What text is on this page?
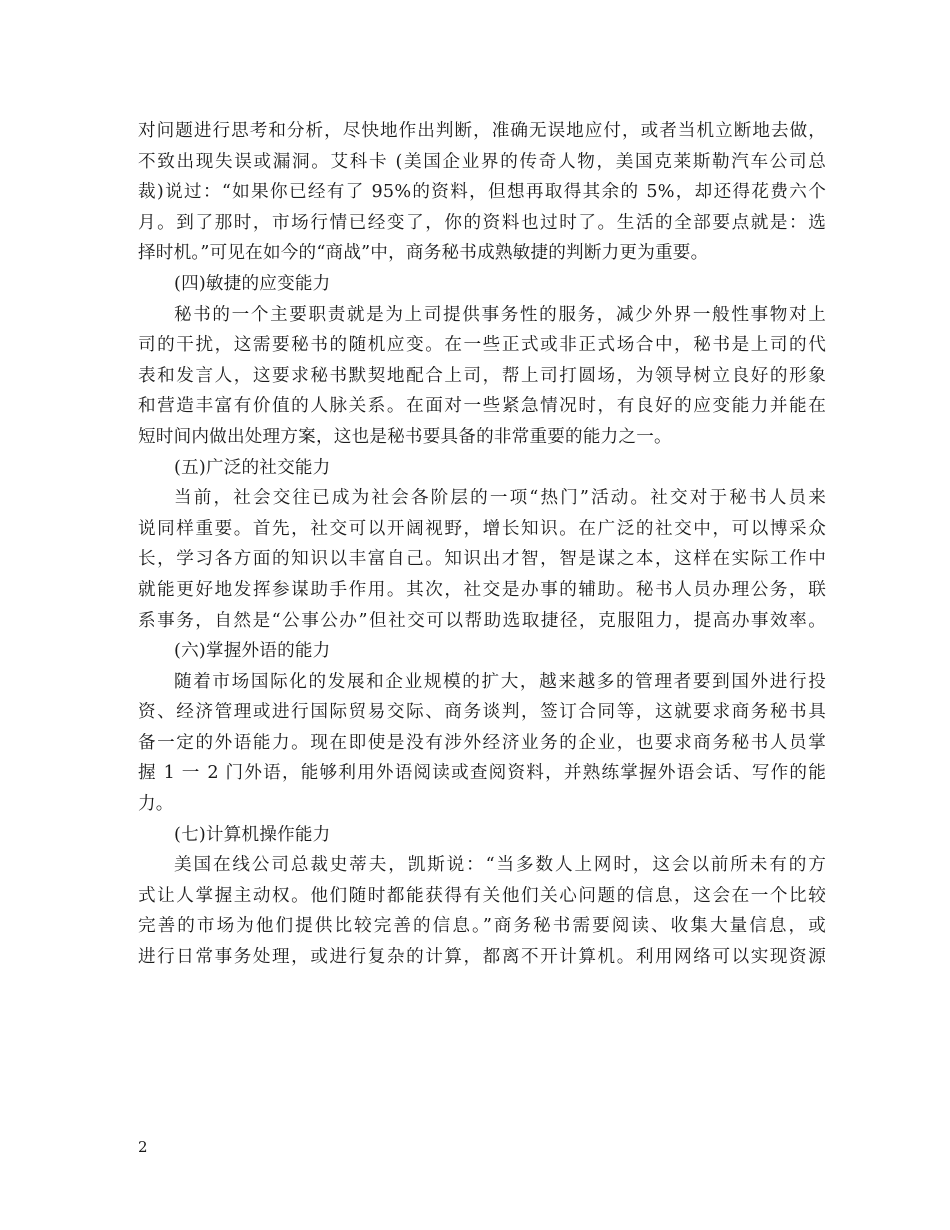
对问题进行思考和分析，尽快地作出判断，准确无误地应付，或者当机立断地去做，
不致出现失误或漏洞。艾科卡 (美国企业界的传奇人物，美国克莱斯勒汽车公司总
裁)说过：“如果你已经有了 95%的资料，但想再取得其余的 5%，却还得花费六个
月。到了那时，市场行情已经变了，你的资料也过时了。生活的全部要点就是：选
择时机。”可见在如今的“商战”中，商务秘书成熟敏捷的判断力更为重要。
(四)敏捷的应变能力
秘书的一个主要职责就是为上司提供事务性的服务，减少外界一般性事物对上
司的干扰，这需要秘书的随机应变。在一些正式或非正式场合中，秘书是上司的代
表和发言人，这要求秘书默契地配合上司，帮上司打圆场，为领导树立良好的形象
和营造丰富有价值的人脉关系。在面对一些紧急情况时，有良好的应变能力并能在
短时间内做出处理方案，这也是秘书要具备的非常重要的能力之一。
(五)广泛的社交能力
当前，社会交往已成为社会各阶层的一项“热门”活动。社交对于秘书人员来
说同样重要。首先，社交可以开阔视野，增长知识。在广泛的社交中，可以博采众
长，学习各方面的知识以丰富自己。知识出才智，智是谋之本，这样在实际工作中
就能更好地发挥参谋助手作用。其次，社交是办事的辅助。秘书人员办理公务，联
系事务，自然是“公事公办”但社交可以帮助选取捷径，克服阻力，提高办事效率。
(六)掌握外语的能力
随着市场国际化的发展和企业规模的扩大，越来越多的管理者要到国外进行投
资、经济管理或进行国际贸易交际、商务谈判，签订合同等，这就要求商务秘书具
备一定的外语能力。现在即使是没有涉外经济业务的企业，也要求商务秘书人员掌
握 1 一 2 门外语，能够利用外语阅读或查阅资料，并熟练掌握外语会话、写作的能
力。
(七)计算机操作能力
美国在线公司总裁史蒂夫，凯斯说：“当多数人上网时，这会以前所未有的方
式让人掌握主动权。他们随时都能获得有关他们关心问题的信息，这会在一个比较
完善的市场为他们提供比较完善的信息。”商务秘书需要阅读、收集大量信息，或
进行日常事务处理，或进行复杂的计算，都离不开计算机。利用网络可以实现资源
2
